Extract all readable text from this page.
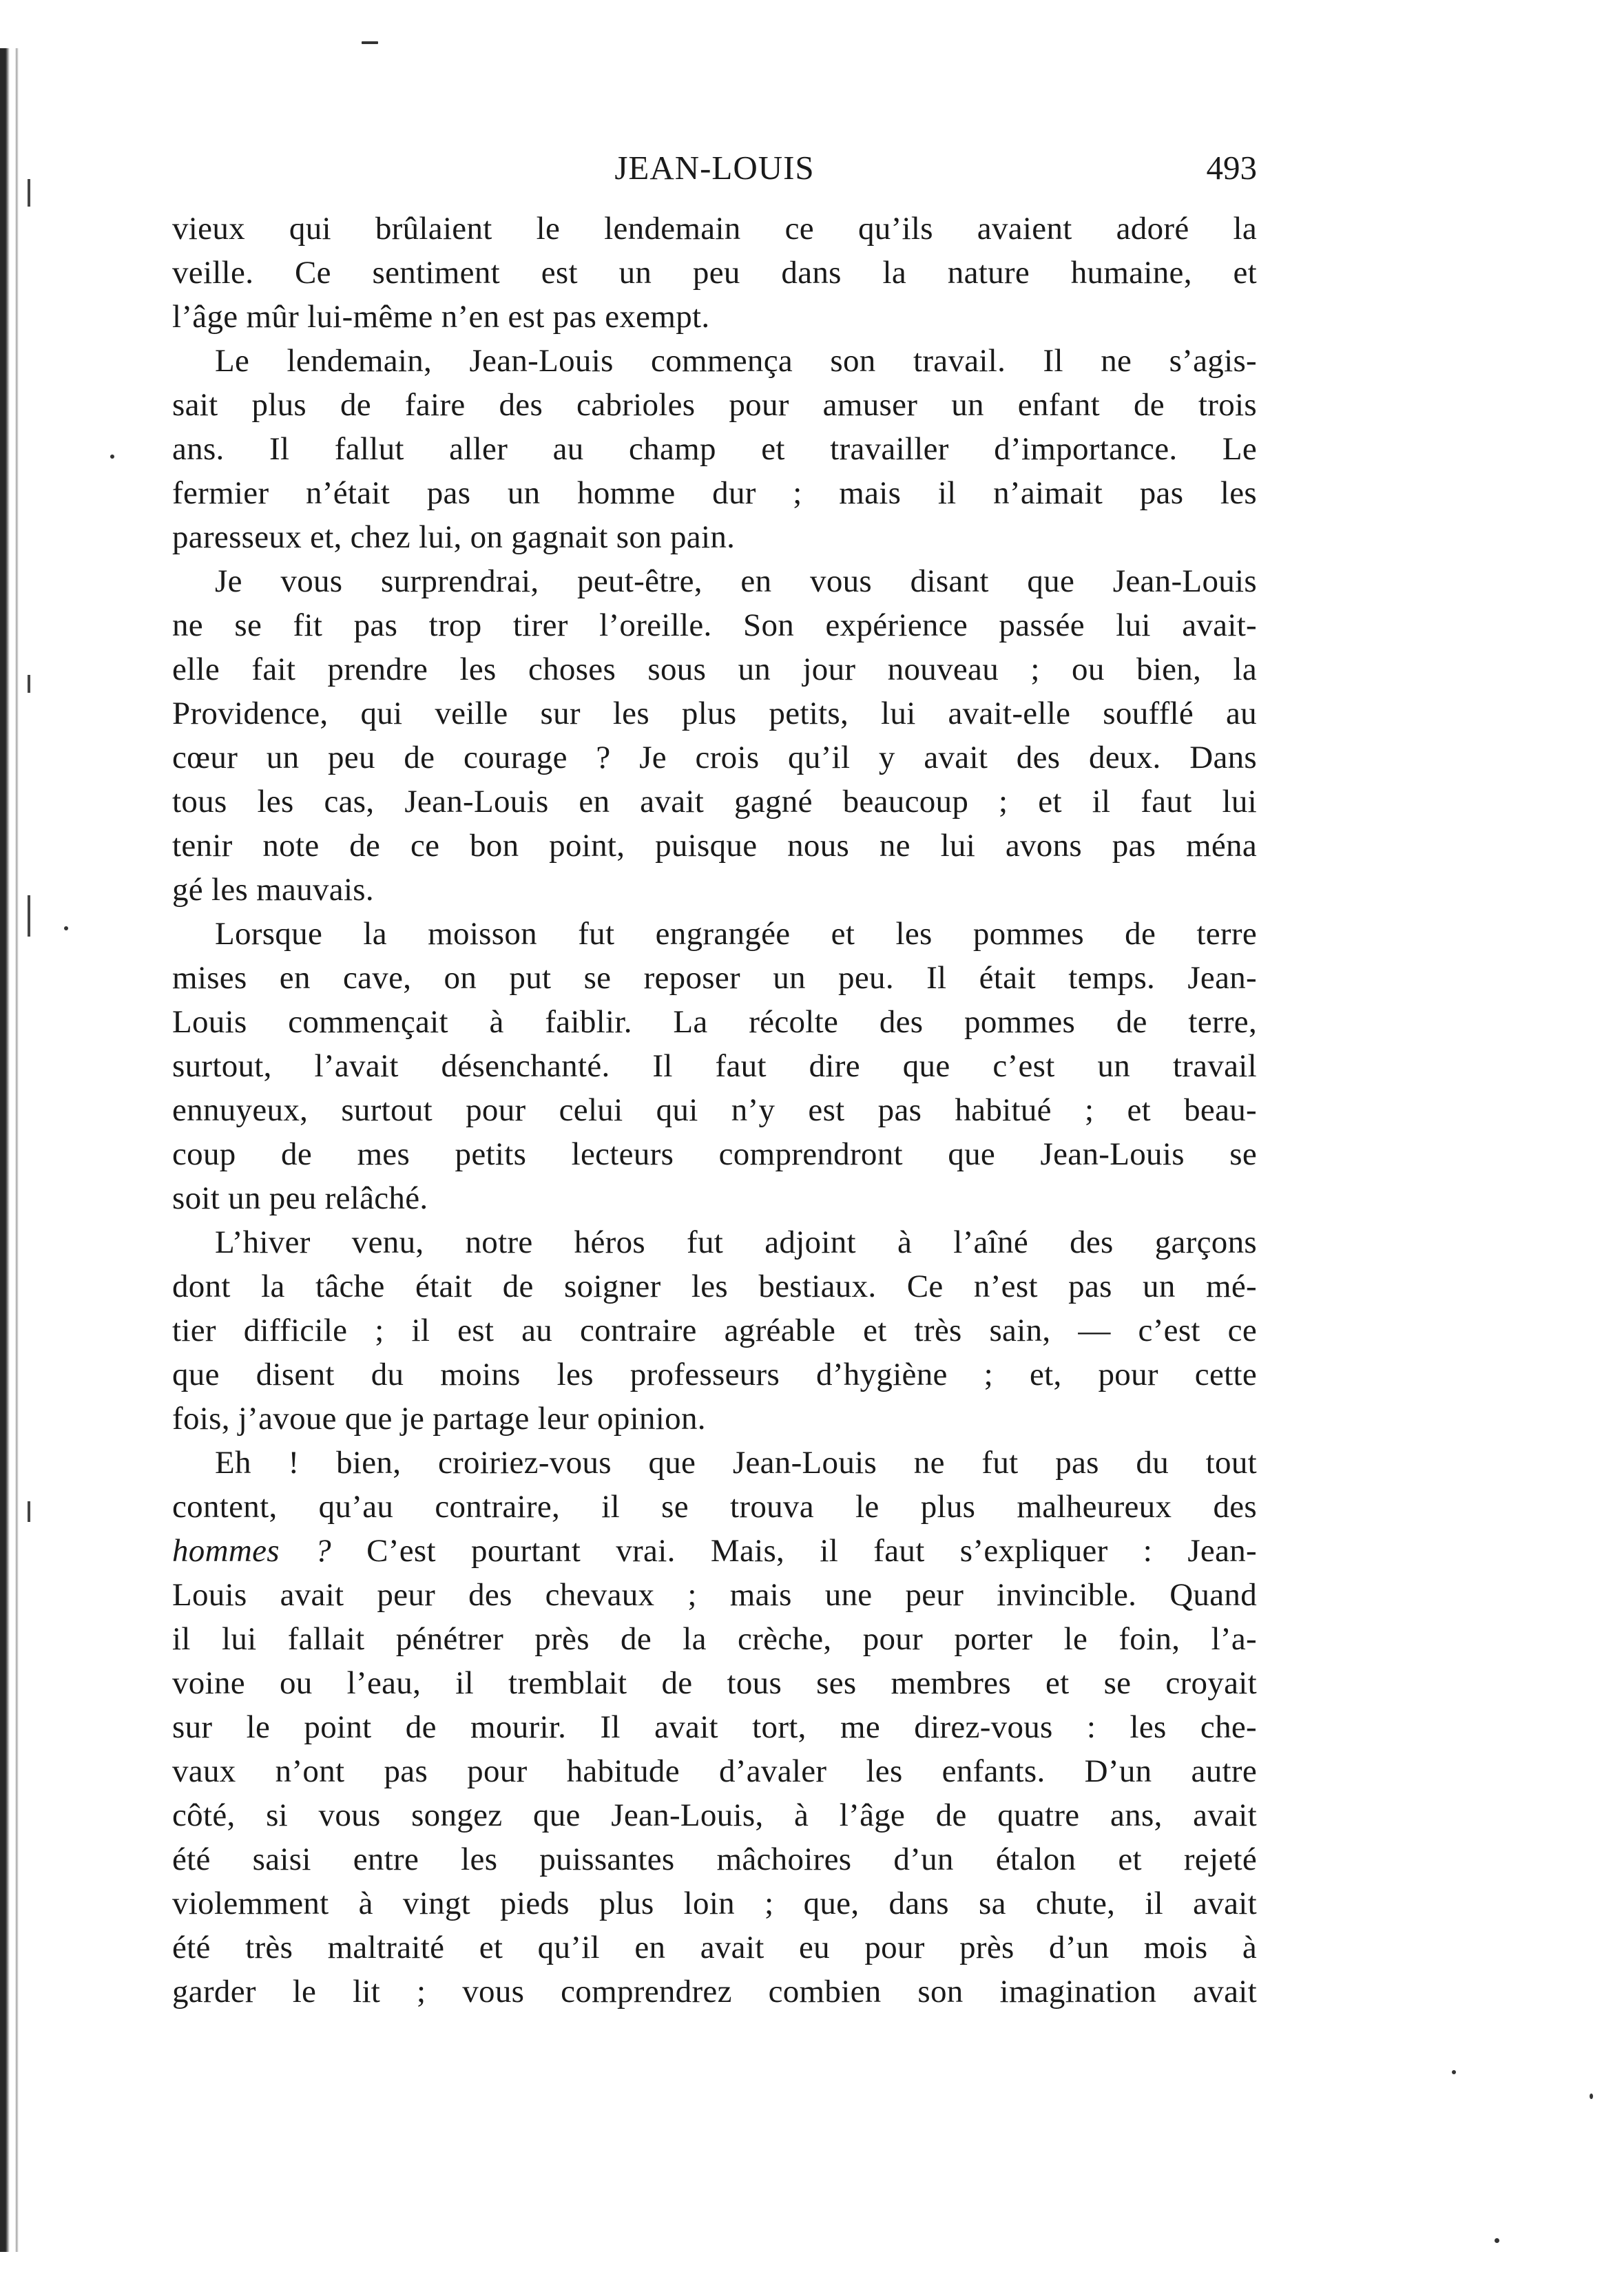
JEAN-LOUIS	493
vieux qui brûlaient le lendemain ce qu’ils avaient adoré la
veille. Ce sentiment est un peu dans la nature humaine, et
l’âge mûr lui-même n’en est pas exempt.
Le lendemain, Jean-Louis commença son travail. Il ne s’agis-
sait plus de faire des cabrioles pour amuser un enfant de trois
ans. Il fallut aller au champ et travailler d’importance. Le
fermier n’était pas un homme dur ; mais il n’aimait pas les
paresseux et, chez lui, on gagnait son pain.
Je vous surprendrai, peut-être, en vous disant que Jean-Louis
ne se fit pas trop tirer l’oreille. Son expérience passée lui avait-
elle fait prendre les choses sous un jour nouveau ; ou bien, la
Providence, qui veille sur les plus petits, lui avait-elle soufflé au
cœur un peu de courage ? Je crois qu’il y avait des deux. Dans
tous les cas, Jean-Louis en avait gagné beaucoup ; et il faut lui
tenir note de ce bon point, puisque nous ne lui avons pas ména
gé les mauvais.
Lorsque la moisson fut engrangée et les pommes de terre
mises en cave, on put se reposer un peu. Il était temps. Jean-
Louis commençait à faiblir. La récolte des pommes de terre,
surtout, l’avait désenchanté. Il faut dire que c’est un travail
ennuyeux, surtout pour celui qui n’y est pas habitué ; et beau-
coup de mes petits lecteurs comprendront que Jean-Louis se
soit un peu relâché.
L’hiver venu, notre héros fut adjoint à l’aîné des garçons
dont la tâche était de soigner les bestiaux. Ce n’est pas un mé-
tier difficile ; il est au contraire agréable et très sain, — c’est ce
que disent du moins les professeurs d’hygiène ; et, pour cette
fois, j’avoue que je partage leur opinion.
Eh ! bien, croiriez-vous que Jean-Louis ne fut pas du tout
content, qu’au contraire, il se trouva le plus malheureux des
hommes ? C’est pourtant vrai. Mais, il faut s’expliquer : Jean-
Louis avait peur des chevaux ; mais une peur invincible. Quand
il lui fallait pénétrer près de la crèche, pour porter le foin, l’a-
voine ou l’eau, il tremblait de tous ses membres et se croyait
sur le point de mourir. Il avait tort, me direz-vous : les che-
vaux n’ont pas pour habitude d’avaler les enfants. D’un autre
côté, si vous songez que Jean-Louis, à l’âge de quatre ans, avait
été saisi entre les puissantes mâchoires d’un étalon et rejeté
violemment à vingt pieds plus loin ; que, dans sa chute, il avait
été très maltraité et qu’il en avait eu pour près d’un mois à
garder le lit ; vous comprendrez combien son imagination avait
